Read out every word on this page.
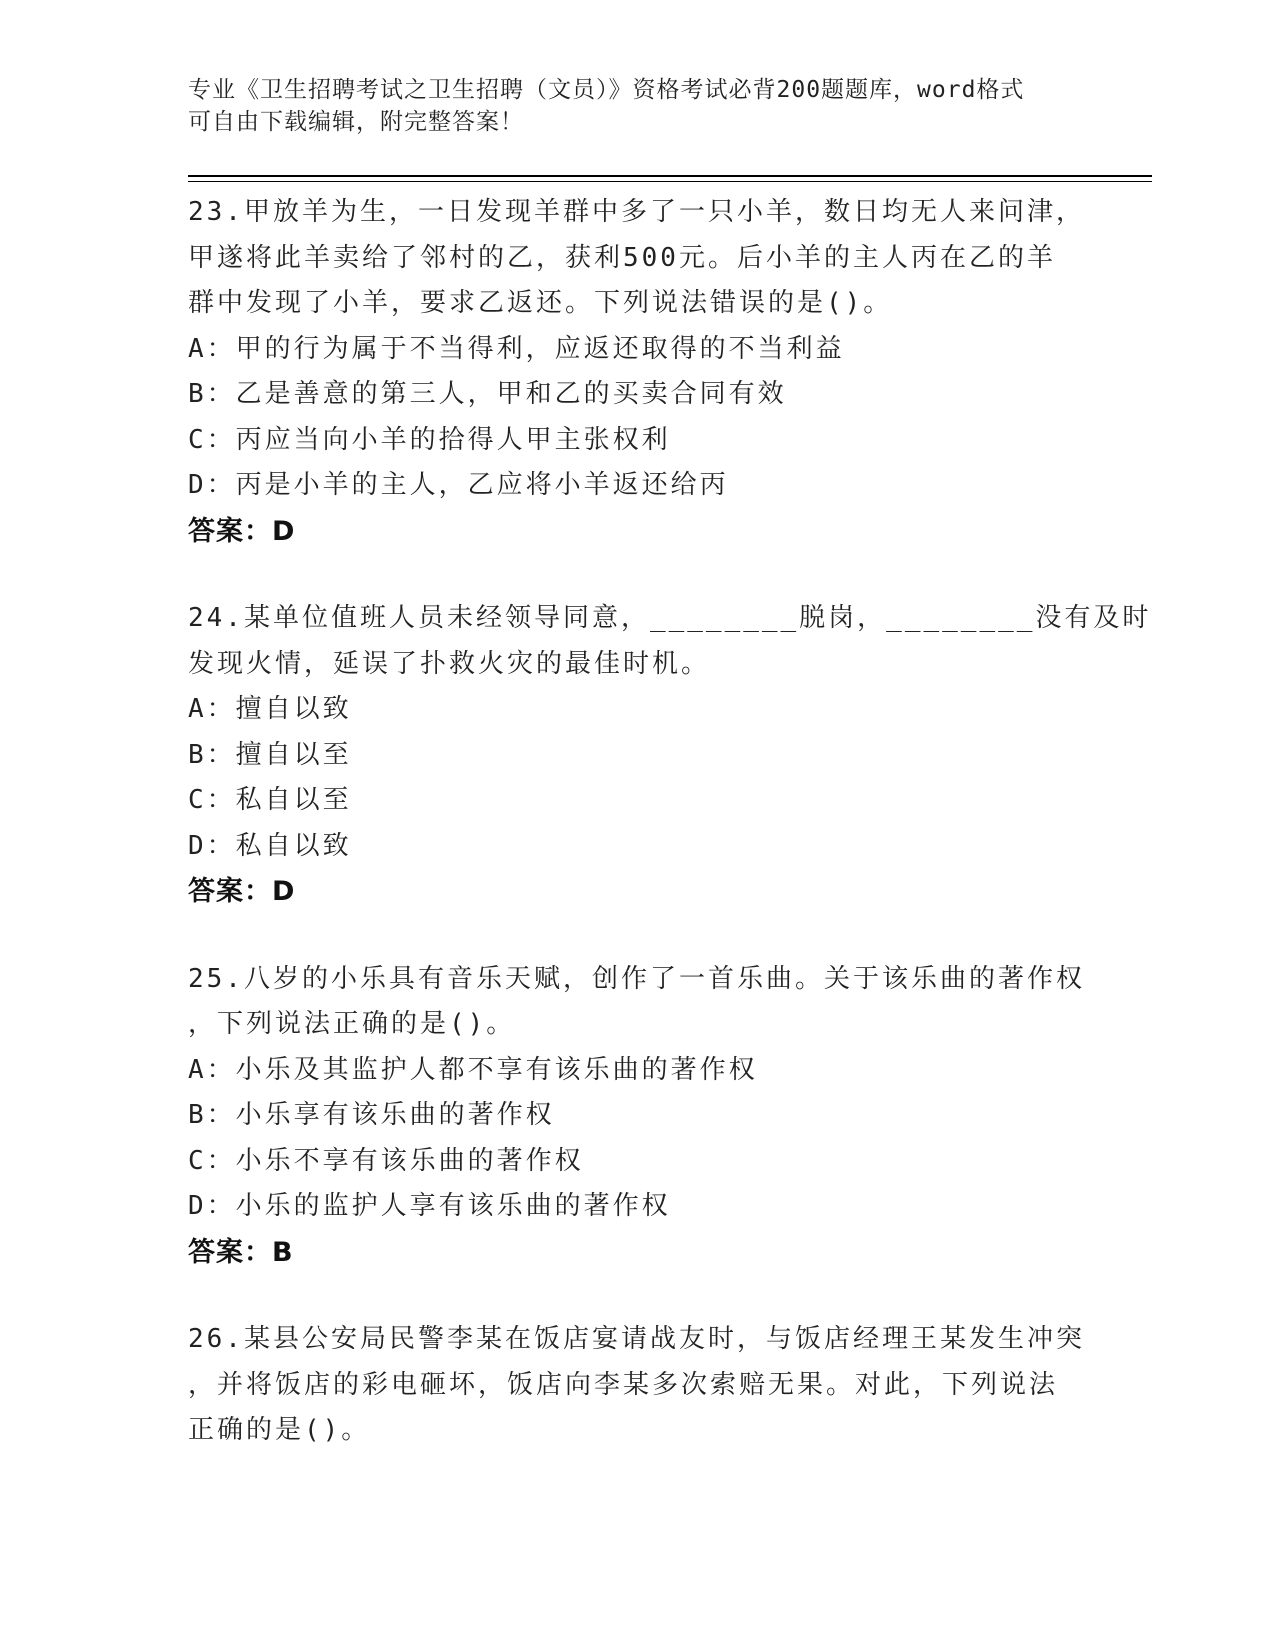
专业《卫生招聘考试之卫生招聘（文员）》资格考试必背200题题库，word格式
可自由下载编辑，附完整答案！
23.甲放羊为生，一日发现羊群中多了一只小羊，数日均无人来问津，
甲遂将此羊卖给了邻村的乙，获利500元。后小羊的主人丙在乙的羊
群中发现了小羊，要求乙返还。下列说法错误的是()。
A：甲的行为属于不当得利，应返还取得的不当利益
B：乙是善意的第三人，甲和乙的买卖合同有效
C：丙应当向小羊的拾得人甲主张权利
D：丙是小羊的主人，乙应将小羊返还给丙
答案：D
24.某单位值班人员未经领导同意，________脱岗，________没有及时
发现火情，延误了扑救火灾的最佳时机。
A：擅自以致
B：擅自以至
C：私自以至
D：私自以致
答案：D
25.八岁的小乐具有音乐天赋，创作了一首乐曲。关于该乐曲的著作权
，下列说法正确的是()。
A：小乐及其监护人都不享有该乐曲的著作权
B：小乐享有该乐曲的著作权
C：小乐不享有该乐曲的著作权
D：小乐的监护人享有该乐曲的著作权
答案：B
26.某县公安局民警李某在饭店宴请战友时，与饭店经理王某发生冲突
，并将饭店的彩电砸坏，饭店向李某多次索赔无果。对此，下列说法
正确的是()。
